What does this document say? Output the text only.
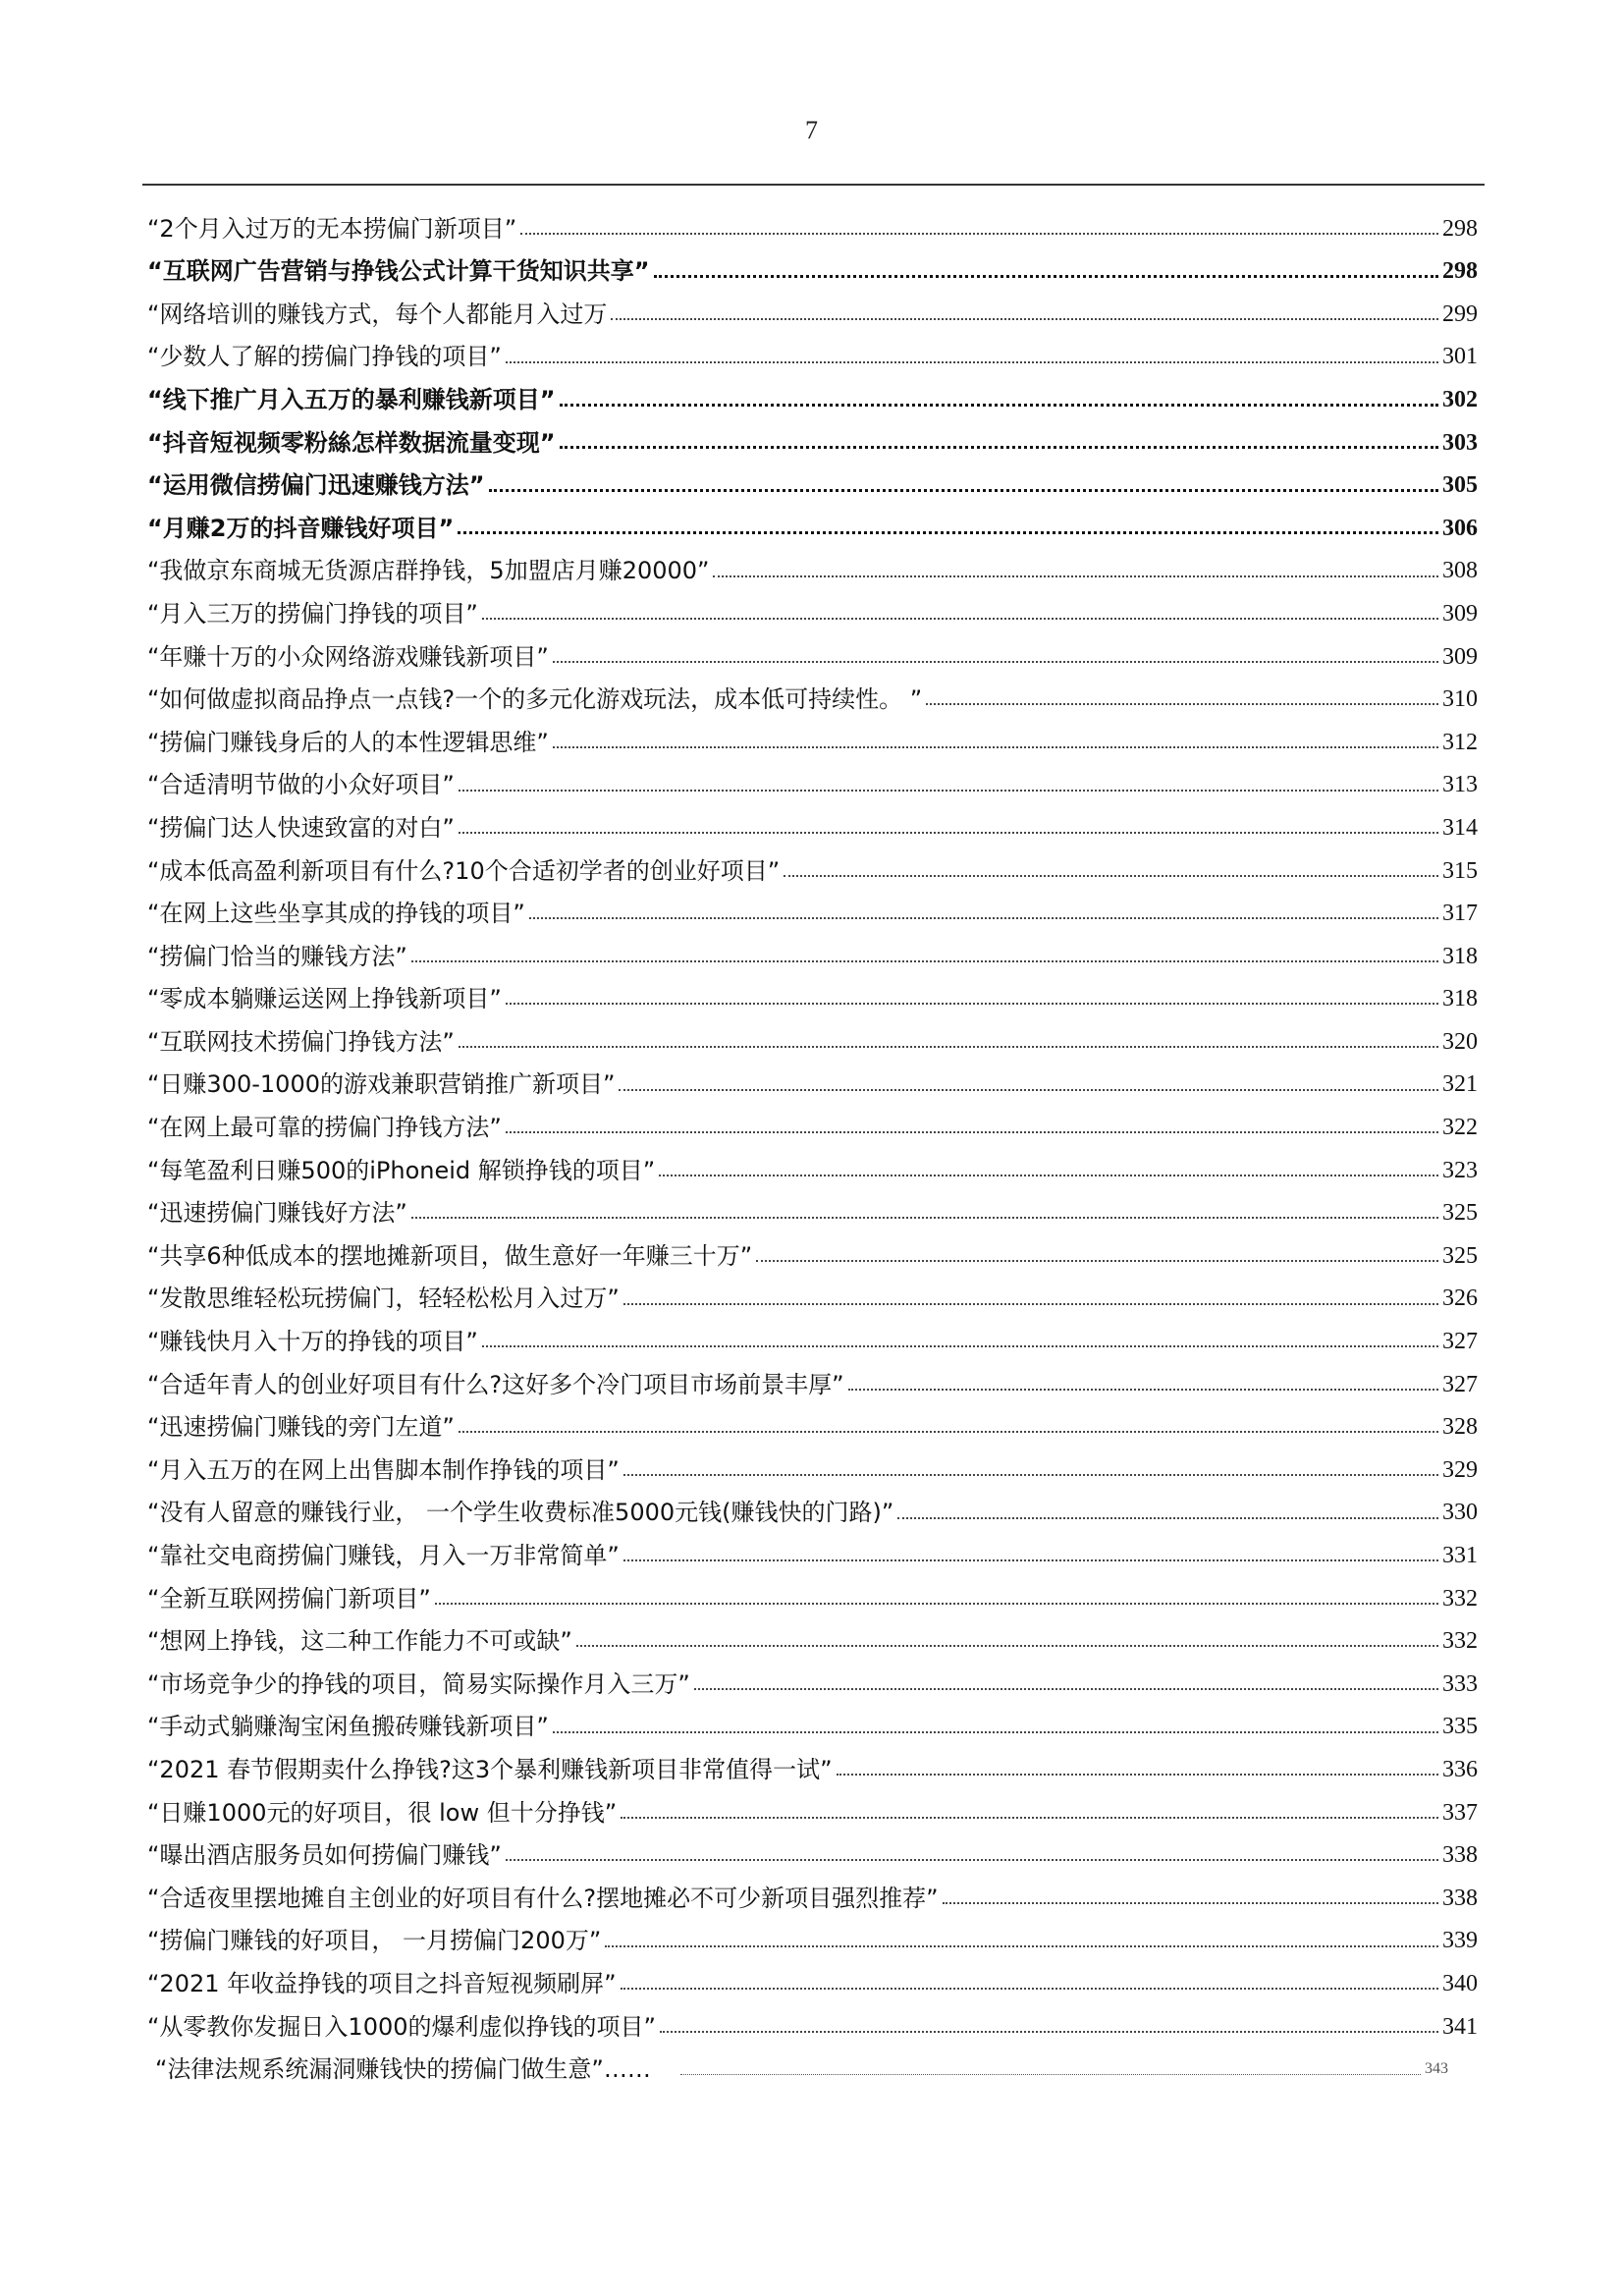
7
“2个月入过万的无本捞偏门新项目”	298
“互联网广告营销与挣钱公式计算干货知识共享”	298
“网络培训的赚钱方式，每个人都能月入过万	299
“少数人了解的捞偏门挣钱的项目”	301
“线下推广月入五万的暴利赚钱新项目”	302
“抖音短视频零粉絲怎样数据流量变现”	303
“运用微信捞偏门迅速赚钱方法”	305
“月赚2万的抖音赚钱好项目”	306
“我做京东商城无货源店群挣钱，5加盟店月赚20000”	308
“月入三万的捞偏门挣钱的项目”	309
“年赚十万的小众网络游戏赚钱新项目”	309
“如何做虚拟商品挣点一点钱?一个的多元化游戏玩法，成本低可持续性。 ”	310
“捞偏门赚钱身后的人的本性逻辑思维”	312
“合适清明节做的小众好项目”	313
“捞偏门达人快速致富的对白”	314
“成本低高盈利新项目有什么?10个合适初学者的创业好项目”	315
“在网上这些坐享其成的挣钱的项目”	317
“捞偏门恰当的赚钱方法”	318
“零成本躺赚运送网上挣钱新项目”	318
“互联网技术捞偏门挣钱方法”	320
“日赚300-1000的游戏兼职营销推广新项目”	321
“在网上最可靠的捞偏门挣钱方法”	322
“每笔盈利日赚500的iPhoneid 解锁挣钱的项目”	323
“迅速捞偏门赚钱好方法”	325
“共享6种低成本的摆地摊新项目，做生意好一年赚三十万”	325
“发散思维轻松玩捞偏门，轻轻松松月入过万”	326
“赚钱快月入十万的挣钱的项目”	327
“合适年青人的创业好项目有什么?这好多个冷门项目市场前景丰厚”	327
“迅速捞偏门赚钱的旁门左道”	328
“月入五万的在网上出售脚本制作挣钱的项目”	329
“没有人留意的赚钱行业， 一个学生收费标准5000元钱(赚钱快的门路)”	330
“靠社交电商捞偏门赚钱，月入一万非常简单”	331
“全新互联网捞偏门新项目”	332
“想网上挣钱，这二种工作能力不可或缺”	332
“市场竞争少的挣钱的项目，简易实际操作月入三万”	333
“手动式躺赚淘宝闲鱼搬砖赚钱新项目”	335
“2021 春节假期卖什么挣钱?这3个暴利赚钱新项目非常值得一试”	336
“日赚1000元的好项目，很 low 但十分挣钱”	337
“曝出酒店服务员如何捞偏门赚钱”	338
“合适夜里摆地摊自主创业的好项目有什么?摆地摊必不可少新项目强烈推荐”	338
“捞偏门赚钱的好项目， 一月捞偏门200万”	339
“2021 年收益挣钱的项目之抖音短视频刷屏”	340
“从零教你发掘日入1000的爆利虚似挣钱的项目”	341
“法律法规系统漏洞赚钱快的捞偏门做生意”……	343
